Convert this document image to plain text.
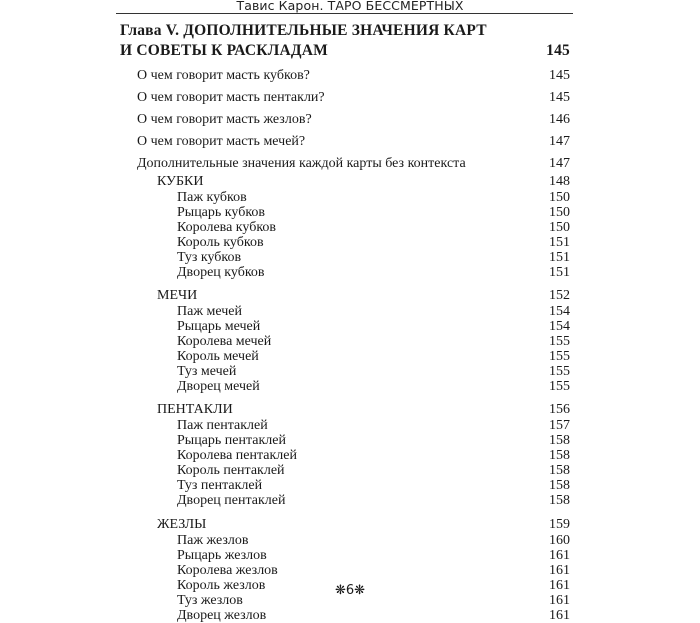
Тавис Карон. ТАРО БЕССМЕРТНЫХ
Глава V. ДОПОЛНИТЕЛЬНЫЕ ЗНАЧЕНИЯ КАРТ
И СОВЕТЫ К РАСКЛАДАМ	145
О чем говорит масть кубков?	145
О чем говорит масть пентакли?	145
О чем говорит масть жезлов?	146
О чем говорит масть мечей?	147
Дополнительные значения каждой карты без контекста	147
КУБКИ	148
Паж кубков	150
Рыцарь кубков	150
Королева кубков	150
Король кубков	151
Туз кубков	151
Дворец кубков	151
МЕЧИ	152
Паж мечей	154
Рыцарь мечей	154
Королева мечей	155
Король мечей	155
Туз мечей	155
Дворец мечей	155
ПЕНТАКЛИ	156
Паж пентаклей	157
Рыцарь пентаклей	158
Королева пентаклей	158
Король пентаклей	158
Туз пентаклей	158
Дворец пентаклей	158
ЖЕЗЛЫ	159
Паж жезлов	160
Рыцарь жезлов	161
Королева жезлов	161
Король жезлов	161
Туз жезлов	161
Дворец жезлов	161
❋6❋
